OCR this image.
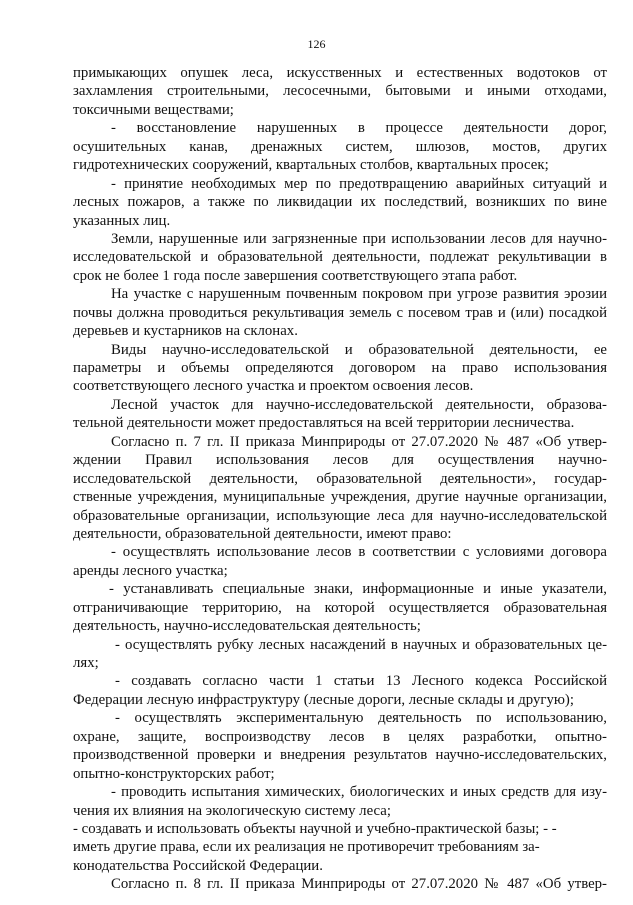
126
примыкающих опушек леса, искусственных и естественных водотоков от
захламления строительными, лесосечными, бытовыми и иными отходами,
токсичными веществами;
- восстановление нарушенных в процессе деятельности дорог,
осушительных канав, дренажных систем, шлюзов, мостов, других
гидротехнических сооружений, квартальных столбов, квартальных просек;
- принятие необходимых мер по предотвращению аварийных ситуаций и
лесных пожаров, а также по ликвидации их последствий, возникших по вине
указанных лиц.
Земли, нарушенные или загрязненные при использовании лесов для научно-
исследовательской и образовательной деятельности, подлежат рекультивации в
срок не более 1 года после завершения соответствующего этапа работ.
На участке с нарушенным почвенным покровом при угрозе развития эрозии
почвы должна проводиться рекультивация земель с посевом трав и (или) посадкой
деревьев и кустарников на склонах.
Виды научно-исследовательской и образовательной деятельности, ее
параметры и объемы определяются договором на право использования
соответствующего лесного участка и проектом освоения лесов.
Лесной участок для научно-исследовательской деятельности, образова-
тельной деятельности может предоставляться на всей территории лесничества.
Согласно п. 7 гл. II приказа Минприроды от 27.07.2020 № 487 «Об утвер-
ждении Правил использования лесов для осуществления научно-
исследовательской деятельности, образовательной деятельности», государ-
ственные учреждения, муниципальные учреждения, другие научные организации,
образовательные организации, использующие леса для научно-исследовательской
деятельности, образовательной деятельности, имеют право:
- осуществлять использование лесов в соответствии с условиями договора
аренды лесного участка;
- устанавливать специальные знаки, информационные и иные указатели,
отграничивающие территорию, на которой осуществляется образовательная
деятельность, научно-исследовательская деятельность;
- осуществлять рубку лесных насаждений в научных и образовательных це-
лях;
- создавать согласно части 1 статьи 13 Лесного кодекса Российской
Федерации лесную инфраструктуру (лесные дороги, лесные склады и другую);
- осуществлять экспериментальную деятельность по использованию,
охране, защите, воспроизводству лесов в целях разработки, опытно-
производственной проверки и внедрения результатов научно-исследовательских,
опытно-конструкторских работ;
- проводить испытания химических, биологических и иных средств для изу-
чения их влияния на экологическую систему леса;
- создавать и использовать объекты научной и учебно-практической базы; - -
иметь другие права, если их реализация не противоречит требованиям за-
конодательства Российской Федерации.
Согласно п. 8 гл. II приказа Минприроды от 27.07.2020 № 487 «Об утвер-
